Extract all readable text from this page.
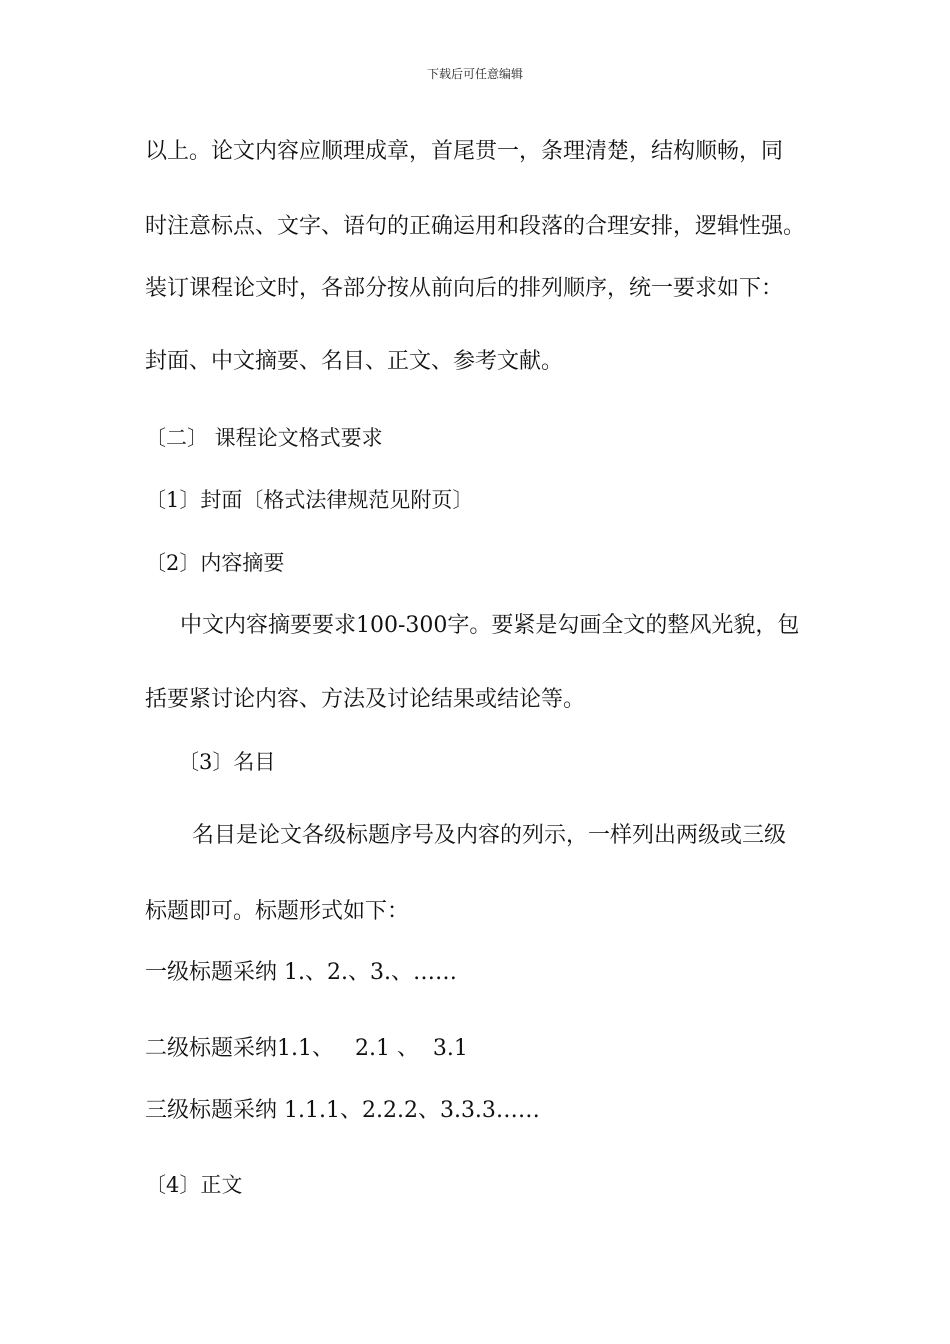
下载后可任意编辑
以上。论文内容应顺理成章，首尾贯一，条理清楚，结构顺畅，同
时注意标点、文字、语句的正确运用和段落的合理安排，逻辑性强。
装订课程论文时，各部分按从前向后的排列顺序，统一要求如下：
封面、中文摘要、名目、正文、参考文献。
〔二〕 课程论文格式要求
〔1〕封面〔格式法律规范见附页〕
〔2〕内容摘要
中文内容摘要要求100-300字。要紧是勾画全文的整风光貌，包
括要紧讨论内容、方法及讨论结果或结论等。
〔3〕名目
名目是论文各级标题序号及内容的列示，一样列出两级或三级
标题即可。标题形式如下：
一级标题采纳 1.、2.、3.、……
二级标题采纳1.1、   2.1 、  3.1
三级标题采纳 1.1.1、2.2.2、3.3.3……
〔4〕正文
